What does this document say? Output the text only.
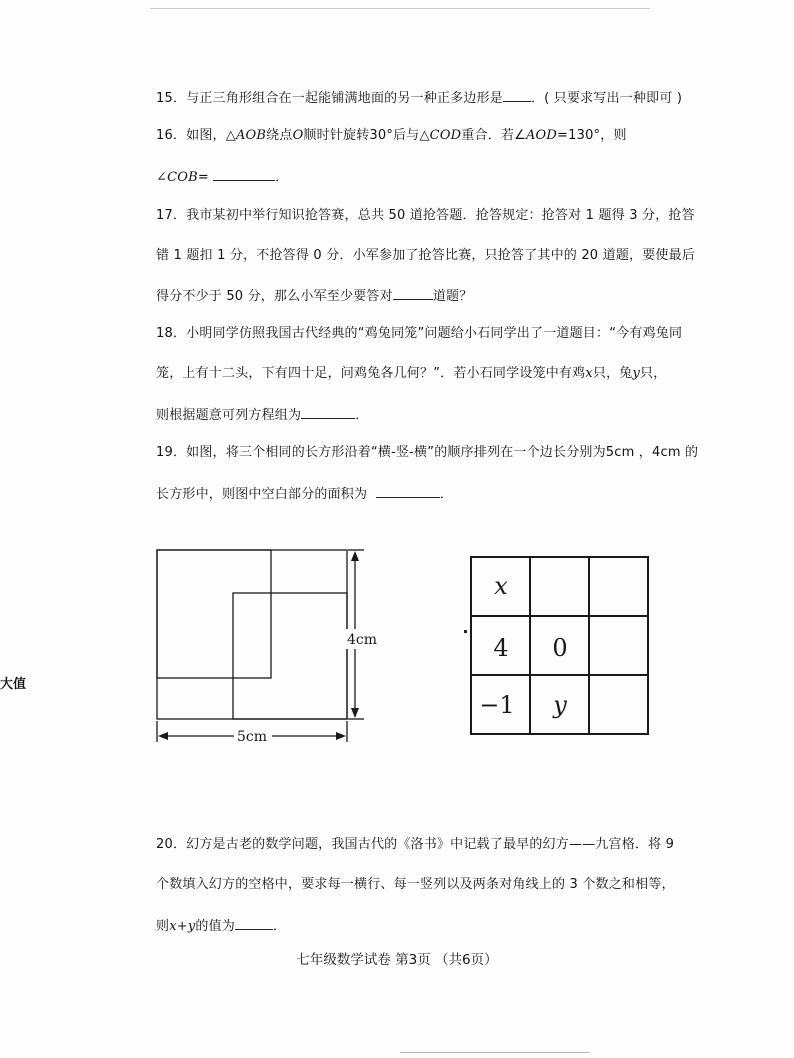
大值
15．与正三角形组合在一起能铺满地面的另一种正多边形是 ．( 只要求写出一种即可 )
16．如图，△AOB绕点O顺时针旋转30°后与△COD重合．若∠AOD=130°，则
∠COB=	．
17．我市某初中举行知识抢答赛，总共 50 道抢答题．抢答规定：抢答对 1 题得 3 分，抢答
错 1 题扣 1 分，不抢答得 0 分．小军参加了抢答比赛，只抢答了其中的 20 道题，要使最后
得分不少于 50 分，那么小军至少要答对	道题？
18．小明同学仿照我国古代经典的“鸡兔同笼”问题给小石同学出了一道题目：“今有鸡兔同
笼，上有十二头，下有四十足，问鸡兔各几何？”．若小石同学设笼中有鸡x只，兔y只，
则根据题意可列方程组为	．
19．如图，将三个相同的长方形沿着“横-竖-横”的顺序排列在一个边长分别为5cm ，4cm 的
长方形中，则图中空白部分的面积为	．
4cm
5cm
x
4 0
−1 y
20．幻方是古老的数学问题，我国古代的《洛书》中记载了最早的幻方——九宫格．将 9
个数填入幻方的空格中，要求每一横行、每一竖列以及两条对角线上的 3 个数之和相等，
则x+y的值为	．
七年级数学试卷 第3页 （共6页）
